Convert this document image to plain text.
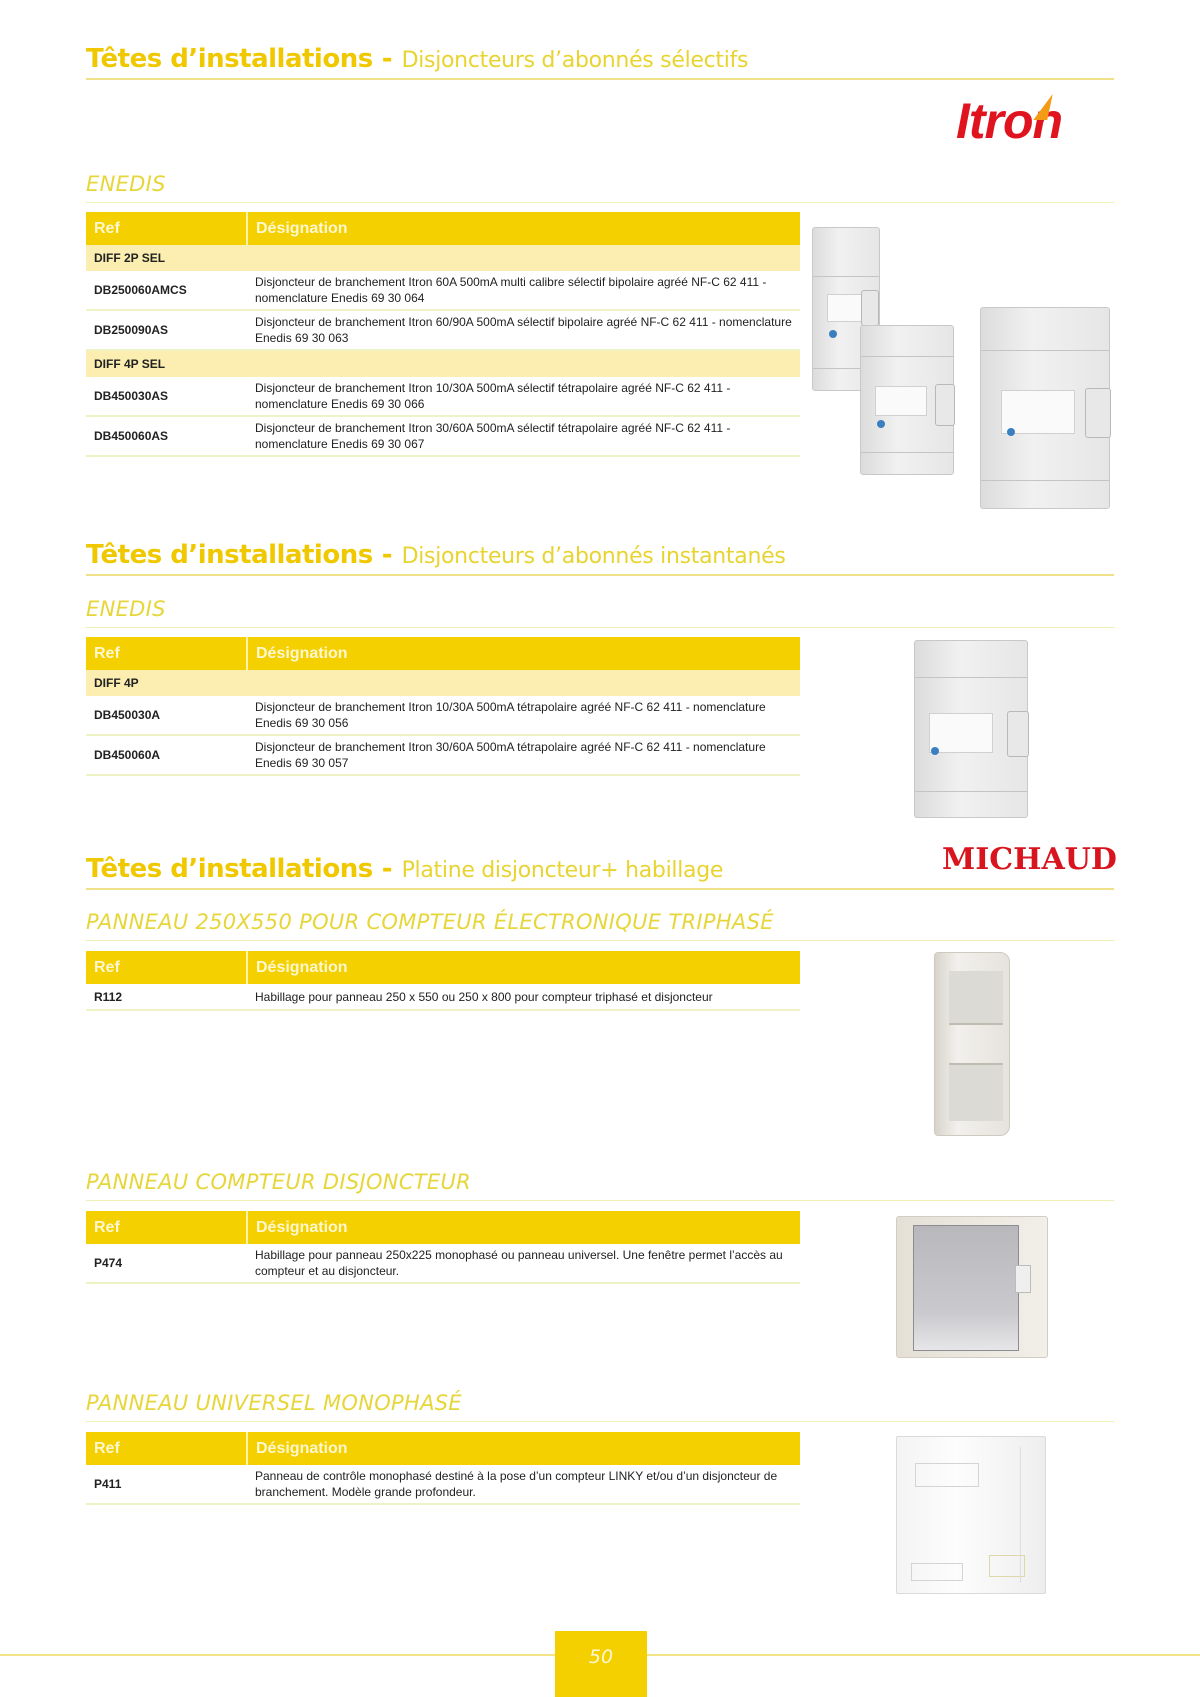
Têtes d’installations - Disjoncteurs d’abonnés sélectifs
Itron
ENEDIS
Ref	Désignation
DIFF 2P SEL	
DB250060AMCS	Disjoncteur de branchement Itron 60A 500mA multi calibre sélectif bipolaire agréé NF-C 62 411 - nomenclature Enedis 69 30 064
DB250090AS	Disjoncteur de branchement Itron 60/90A 500mA sélectif bipolaire agréé NF-C 62 411 - nomenclature Enedis 69 30 063
DIFF 4P SEL	
DB450030AS	Disjoncteur de branchement Itron 10/30A 500mA sélectif tétrapolaire agréé NF-C 62 411 - nomenclature Enedis 69 30 066
DB450060AS	Disjoncteur de branchement Itron 30/60A 500mA sélectif tétrapolaire agréé NF-C 62 411 - nomenclature Enedis 69 30 067
Têtes d’installations - Disjoncteurs d’abonnés instantanés
ENEDIS
Ref	Désignation
DIFF 4P	
DB450030A	Disjoncteur de branchement Itron 10/30A 500mA tétrapolaire agréé NF-C 62 411 - nomenclature Enedis 69 30 056
DB450060A	Disjoncteur de branchement Itron 30/60A 500mA tétrapolaire agréé NF-C 62 411 - nomenclature Enedis 69 30 057
Têtes d’installations - Platine disjoncteur+ habillage	MICHAUD
PANNEAU 250X550 POUR COMPTEUR ÉLECTRONIQUE TRIPHASÉ
Ref	Désignation
R112	Habillage pour panneau 250 x 550 ou 250 x 800 pour compteur triphasé et disjoncteur
PANNEAU COMPTEUR DISJONCTEUR
Ref	Désignation
P474	Habillage pour panneau 250x225 monophasé ou panneau universel. Une fenêtre permet l’accès au compteur et au disjoncteur.
PANNEAU UNIVERSEL MONOPHASÉ
Ref	Désignation
P411	Panneau de contrôle monophasé destiné à la pose d’un compteur LINKY et/ou d’un disjoncteur de branchement. Modèle grande profondeur.
50
